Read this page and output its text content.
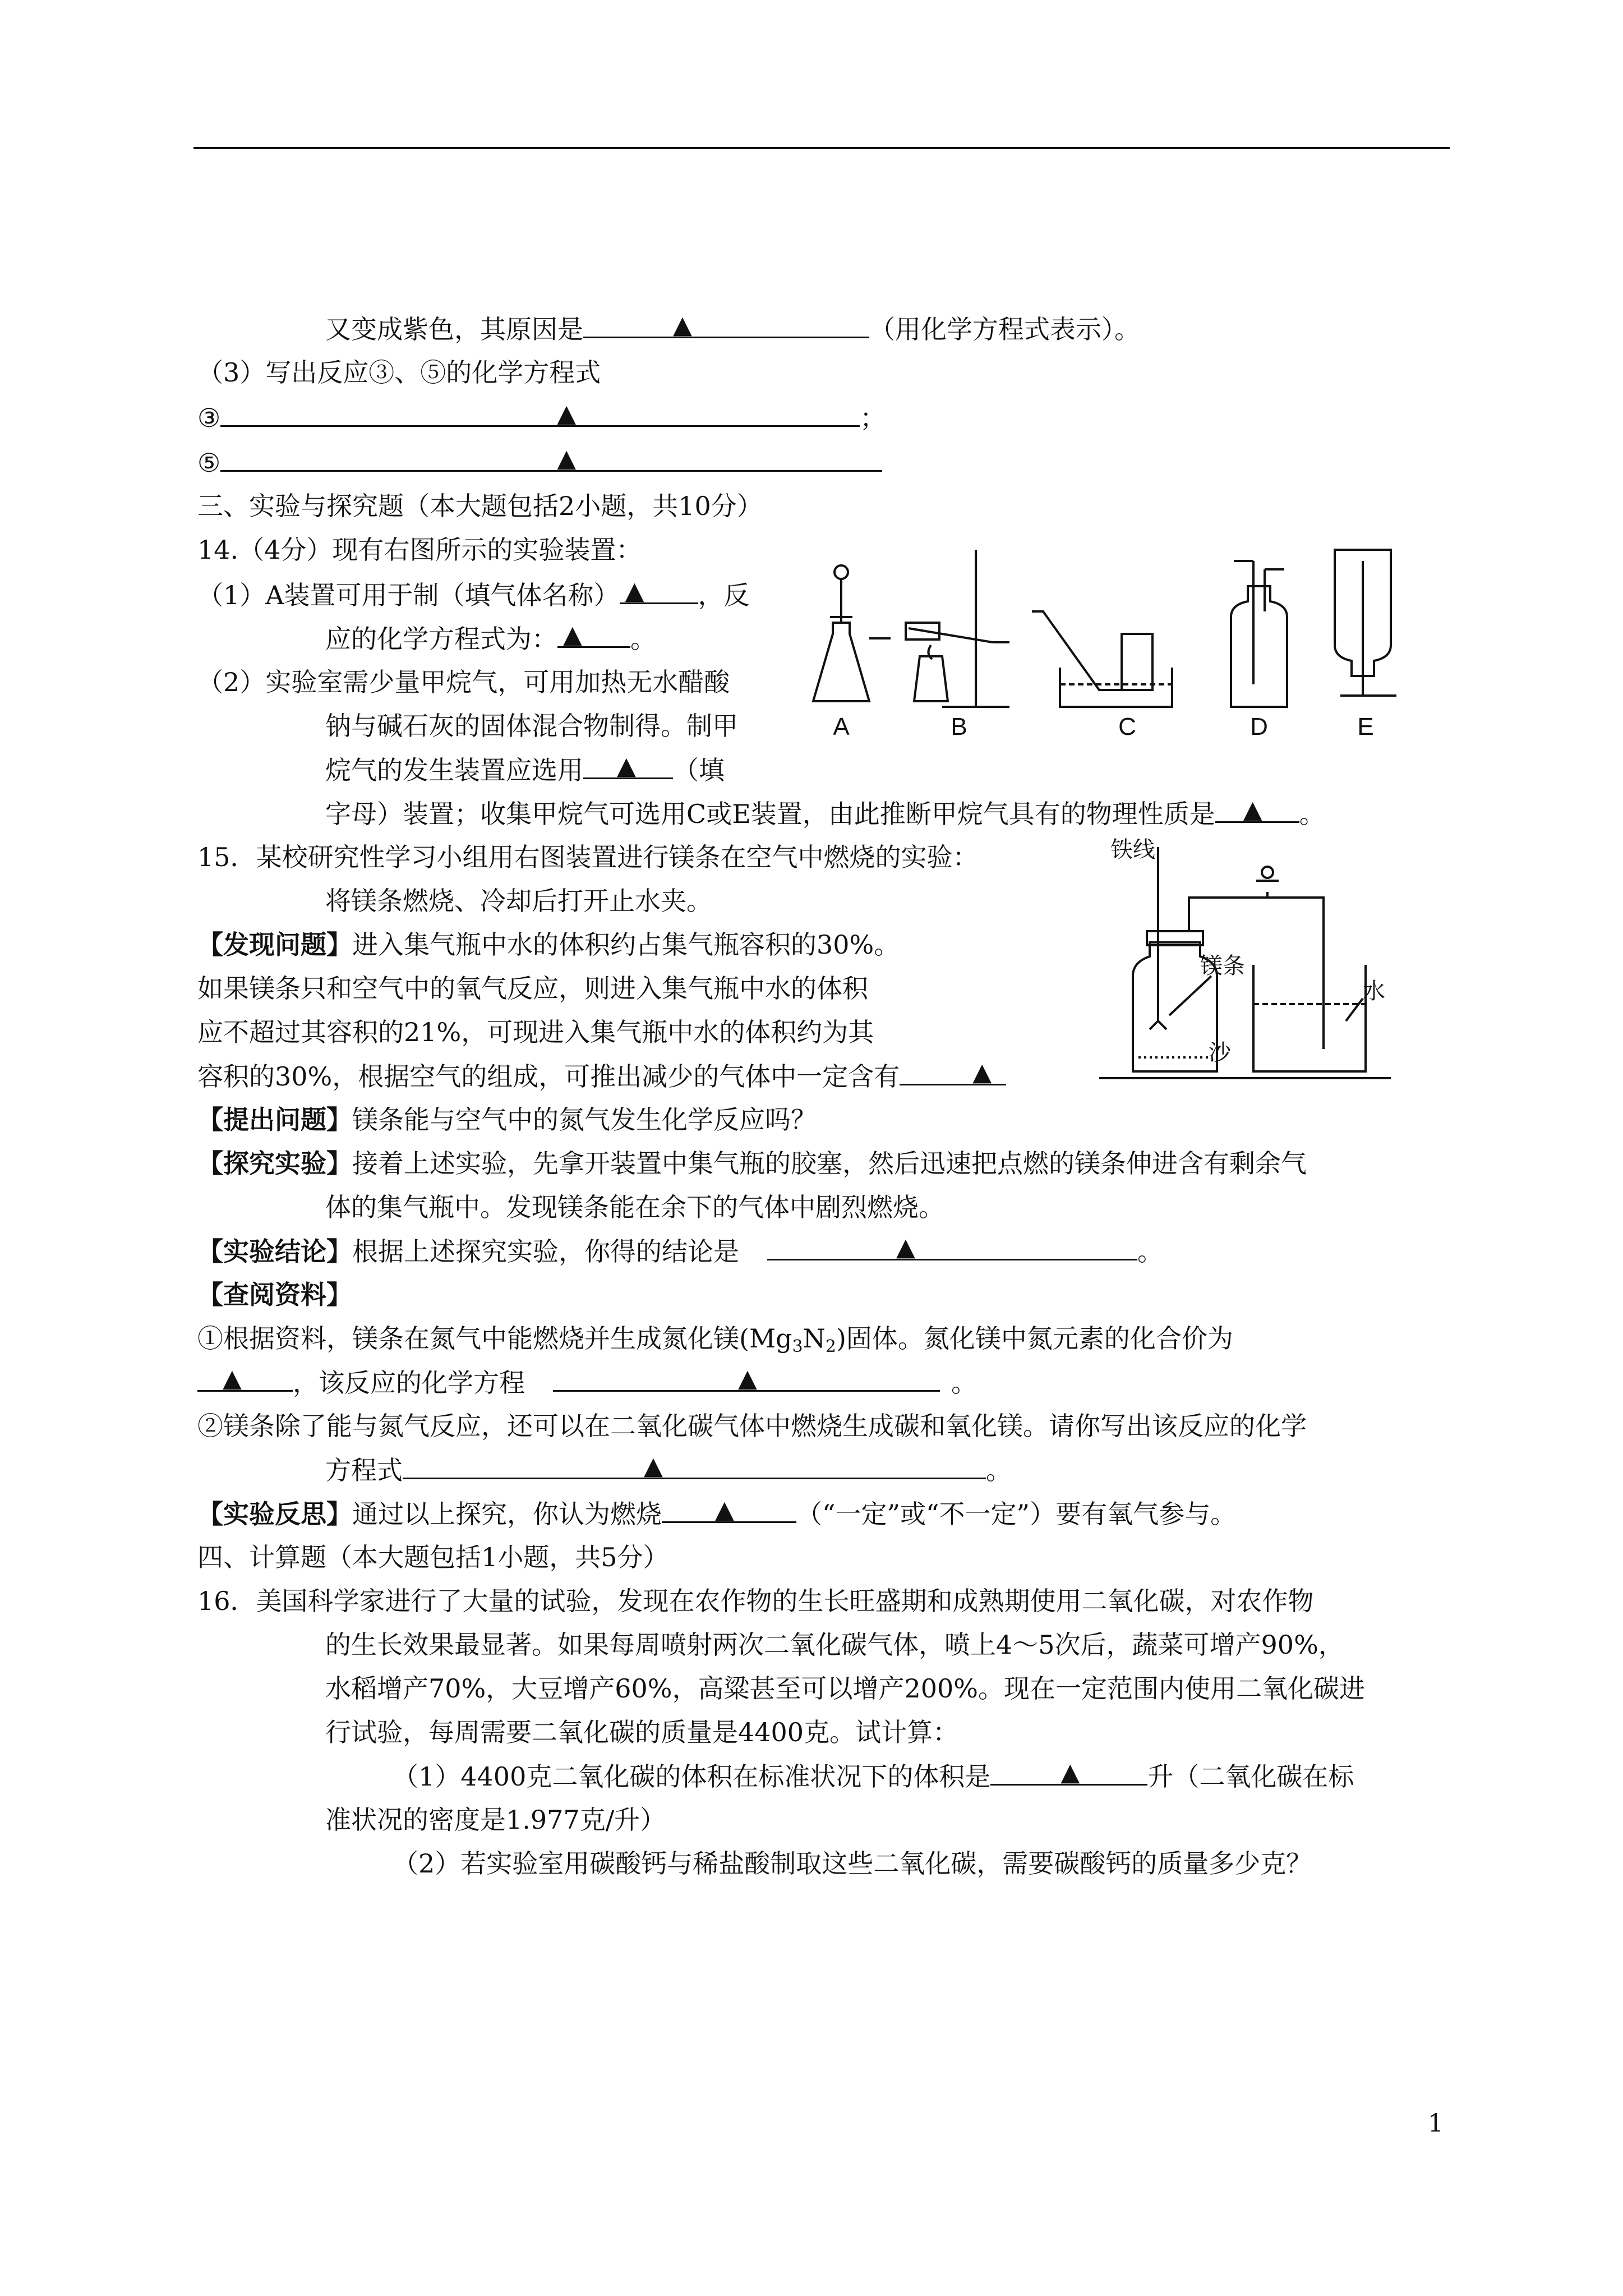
又变成紫色，其原因是	▲	（用化学方程式表示）。
（3）写出反应③、⑤的化学方程式
③	▲	；
⑤	▲
三、实验与探究题（本大题包括2小题，共10分）
14.（4分）现有右图所示的实验装置：
（1）A装置可用于制（填气体名称） ▲ ，反
应的化学方程式为： ▲ 。
（2）实验室需少量甲烷气，可用加热无水醋酸
钠与碱石灰的固体混合物制得。制甲
烷气的发生装置应选用 ▲ （填
字母）装置；收集甲烷气可选用C或E装置，由此推断甲烷气具有的物理性质是 ▲ 。
A	B	C	D	E
15．某校研究性学习小组用右图装置进行镁条在空气中燃烧的实验：
将镁条燃烧、冷却后打开止水夹。
【发现问题】进入集气瓶中水的体积约占集气瓶容积的30%。
如果镁条只和空气中的氧气反应，则进入集气瓶中水的体积
应不超过其容积的21%，可现进入集气瓶中水的体积约为其
容积的30%，根据空气的组成，可推出减少的气体中一定含有	▲
铁线
镁条
沙
水
【提出问题】镁条能与空气中的氮气发生化学反应吗？
【探究实验】接着上述实验，先拿开装置中集气瓶的胶塞，然后迅速把点燃的镁条伸进含有剩余气
体的集气瓶中。发现镁条能在余下的气体中剧烈燃烧。
【实验结论】根据上述探究实验，你得的结论是	▲	。
【查阅资料】
①根据资料，镁条在氮气中能燃烧并生成氮化镁$(Mg_3N_2)$固体。氮化镁中氮元素的化合价为
▲ ，该反应的化学方程	▲	。
②镁条除了能与氮气反应，还可以在二氧化碳气体中燃烧生成碳和氧化镁。请你写出该反应的化学
方程式	▲	。
【实验反思】通过以上探究，你认为燃烧 ▲ （“一定”或“不一定”）要有氧气参与。
四、计算题（本大题包括1小题，共5分）
16．美国科学家进行了大量的试验，发现在农作物的生长旺盛期和成熟期使用二氧化碳，对农作物
的生长效果最显著。如果每周喷射两次二氧化碳气体，喷上4～5次后，蔬菜可增产90%，
水稻增产70%，大豆增产60%，高粱甚至可以增产200%。现在一定范围内使用二氧化碳进
行试验，每周需要二氧化碳的质量是4400克。试计算：
（1）4400克二氧化碳的体积在标准状况下的体积是	▲	升（二氧化碳在标
准状况的密度是1.977克/升）
（2）若实验室用碳酸钙与稀盐酸制取这些二氧化碳，需要碳酸钙的质量多少克？
1
